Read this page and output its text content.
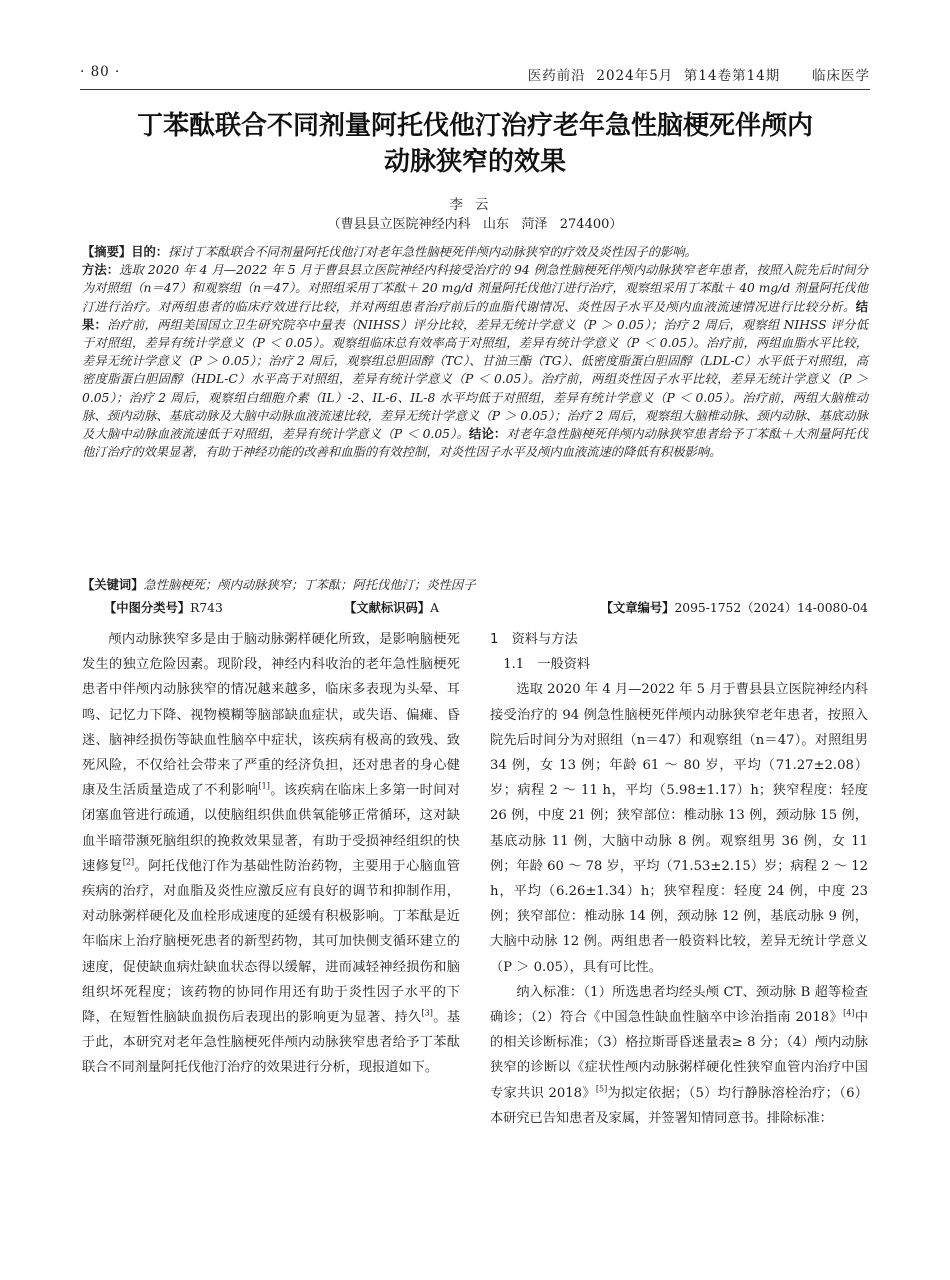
· 80 ·	医药前沿  2024年5月  第14卷第14期      临床医学
丁苯酞联合不同剂量阿托伐他汀治疗老年急性脑梗死伴颅内
动脉狭窄的效果
李云
（曹县县立医院神经内科   山东   菏泽   274400）
【摘要】目的：探讨丁苯酞联合不同剂量阿托伐他汀对老年急性脑梗死伴颅内动脉狭窄的疗效及炎性因子的影响。
方法：选取 2020 年 4 月—2022 年 5 月于曹县县立医院神经内科接受治疗的 94 例急性脑梗死伴颅内动脉狭窄老年患者，按照入院先后时间分为对照组（n＝47）和观察组（n＝47）。对照组采用丁苯酞＋ 20 mg/d 剂量阿托伐他汀进行治疗，观察组采用丁苯酞＋ 40 mg/d 剂量阿托伐他汀进行治疗。对两组患者的临床疗效进行比较，并对两组患者治疗前后的血脂代谢情况、炎性因子水平及颅内血液流速情况进行比较分析。结果：治疗前，两组美国国立卫生研究院卒中量表（NIHSS）评分比较，差异无统计学意义（P ＞ 0.05）；治疗 2 周后，观察组 NIHSS 评分低于对照组，差异有统计学意义（P ＜ 0.05）。观察组临床总有效率高于对照组，差异有统计学意义（P ＜ 0.05）。治疗前，两组血脂水平比较，差异无统计学意义（P ＞ 0.05）；治疗 2 周后，观察组总胆固醇（TC）、甘油三酯（TG）、低密度脂蛋白胆固醇（LDL-C）水平低于对照组，高密度脂蛋白胆固醇（HDL-C）水平高于对照组，差异有统计学意义（P ＜ 0.05）。治疗前，两组炎性因子水平比较，差异无统计学意义（P ＞ 0.05）；治疗 2 周后，观察组白细胞介素（IL）-2、IL-6、IL-8 水平均低于对照组，差异有统计学意义（P ＜ 0.05）。治疗前，两组大脑椎动脉、颈内动脉、基底动脉及大脑中动脉血液流速比较，差异无统计学意义（P ＞ 0.05）；治疗 2 周后，观察组大脑椎动脉、颈内动脉、基底动脉及大脑中动脉血液流速低于对照组，差异有统计学意义（P ＜ 0.05）。结论：对老年急性脑梗死伴颅内动脉狭窄患者给予丁苯酞＋大剂量阿托伐他汀治疗的效果显著，有助于神经功能的改善和血脂的有效控制，对炎性因子水平及颅内血液流速的降低有积极影响。
【关键词】急性脑梗死；颅内动脉狭窄；丁苯酞；阿托伐他汀；炎性因子
【中图分类号】R743	【文献标识码】A	【文章编号】2095-1752（2024）14-0080-04

颅内动脉狭窄多是由于脑动脉粥样硬化所致，是影响脑梗死发生的独立危险因素。现阶段，神经内科收治的老年急性脑梗死患者中伴颅内动脉狭窄的情况越来越多，临床多表现为头晕、耳鸣、记忆力下降、视物模糊等脑部缺血症状，或失语、偏瘫、昏迷、脑神经损伤等缺血性脑卒中症状，该疾病有极高的致残、致死风险，不仅给社会带来了严重的经济负担，还对患者的身心健康及生活质量造成了不利影响[1]。该疾病在临床上多第一时间对闭塞血管进行疏通，以使脑组织供血供氧能够正常循环，这对缺血半暗带濒死脑组织的挽救效果显著，有助于受损神经组织的快速修复[2]。阿托伐他汀作为基础性防治药物，主要用于心脑血管疾病的治疗，对血脂及炎性应激反应有良好的调节和抑制作用，对动脉粥样硬化及血栓形成速度的延缓有积极影响。丁苯酞是近年临床上治疗脑梗死患者的新型药物，其可加快侧支循环建立的速度，促使缺血病灶缺血状态得以缓解，进而减轻神经损伤和脑组织坏死程度；该药物的协同作用还有助于炎性因子水平的下降，在短暂性脑缺血损伤后表现出的影响更为显著、持久[3]。基于此，本研究对老年急性脑梗死伴颅内动脉狭窄患者给予丁苯酞联合不同剂量阿托伐他汀治疗的效果进行分析，现报道如下。

1　资料与方法

1.1　一般资料

选取 2020 年 4 月—2022 年 5 月于曹县县立医院神经内科接受治疗的 94 例急性脑梗死伴颅内动脉狭窄老年患者，按照入院先后时间分为对照组（n＝47）和观察组（n＝47）。对照组男 34 例，女 13 例；年龄 61 ～ 80 岁，平均（71.27±2.08）岁；病程 2 ～ 11 h，平均（5.98±1.17）h；狭窄程度：轻度 26 例，中度 21 例；狭窄部位：椎动脉 13 例，颈动脉 15 例，基底动脉 11 例，大脑中动脉 8 例。观察组男 36 例，女 11 例；年龄 60 ～ 78 岁，平均（71.53±2.15）岁；病程 2 ～ 12 h，平均（6.26±1.34）h；狭窄程度：轻度 24 例，中度 23 例；狭窄部位：椎动脉 14 例，颈动脉 12 例，基底动脉 9 例，大脑中动脉 12 例。两组患者一般资料比较，差异无统计学意义（P ＞ 0.05），具有可比性。

纳入标准：（1）所选患者均经头颅 CT、颈动脉 B 超等检查确诊；（2）符合《中国急性缺血性脑卒中诊治指南 2018》[4]中的相关诊断标准；（3）格拉斯哥昏迷量表≥ 8 分；（4）颅内动脉狭窄的诊断以《症状性颅内动脉粥样硬化性狭窄血管内治疗中国专家共识 2018》[5]为拟定依据；（5）均行静脉溶栓治疗；（6）本研究已告知患者及家属，并签署知情同意书。排除标准：
